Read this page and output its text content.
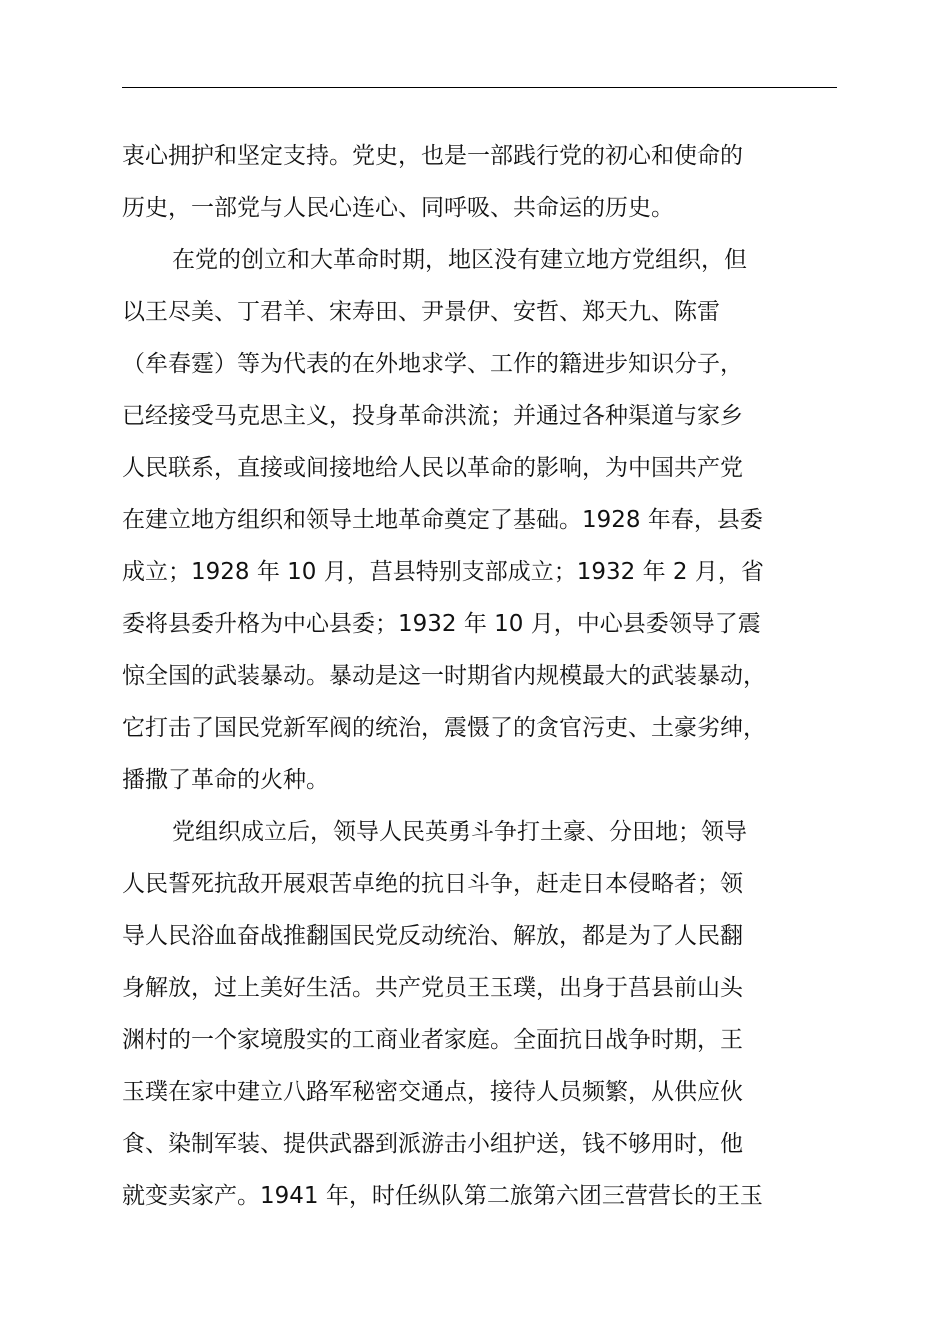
衷心拥护和坚定支持。党史，也是一部践行党的初心和使命的
历史，一部党与人民心连心、同呼吸、共命运的历史。
在党的创立和大革命时期，地区没有建立地方党组织，但
以王尽美、丁君羊、宋寿田、尹景伊、安哲、郑天九、陈雷
（牟春霆）等为代表的在外地求学、工作的籍进步知识分子，
已经接受马克思主义，投身革命洪流；并通过各种渠道与家乡
人民联系，直接或间接地给人民以革命的影响，为中国共产党
在建立地方组织和领导土地革命奠定了基础。1928 年春，县委
成立；1928 年 10 月，莒县特别支部成立；1932 年 2 月，省
委将县委升格为中心县委；1932 年 10 月，中心县委领导了震
惊全国的武装暴动。暴动是这一时期省内规模最大的武装暴动，
它打击了国民党新军阀的统治，震慑了的贪官污吏、土豪劣绅，
播撒了革命的火种。
党组织成立后，领导人民英勇斗争打土豪、分田地；领导
人民誓死抗敌开展艰苦卓绝的抗日斗争，赶走日本侵略者；领
导人民浴血奋战推翻国民党反动统治、解放，都是为了人民翻
身解放，过上美好生活。共产党员王玉璞，出身于莒县前山头
渊村的一个家境殷实的工商业者家庭。全面抗日战争时期，王
玉璞在家中建立八路军秘密交通点，接待人员频繁，从供应伙
食、染制军装、提供武器到派游击小组护送，钱不够用时，他
就变卖家产。1941 年，时任纵队第二旅第六团三营营长的王玉
